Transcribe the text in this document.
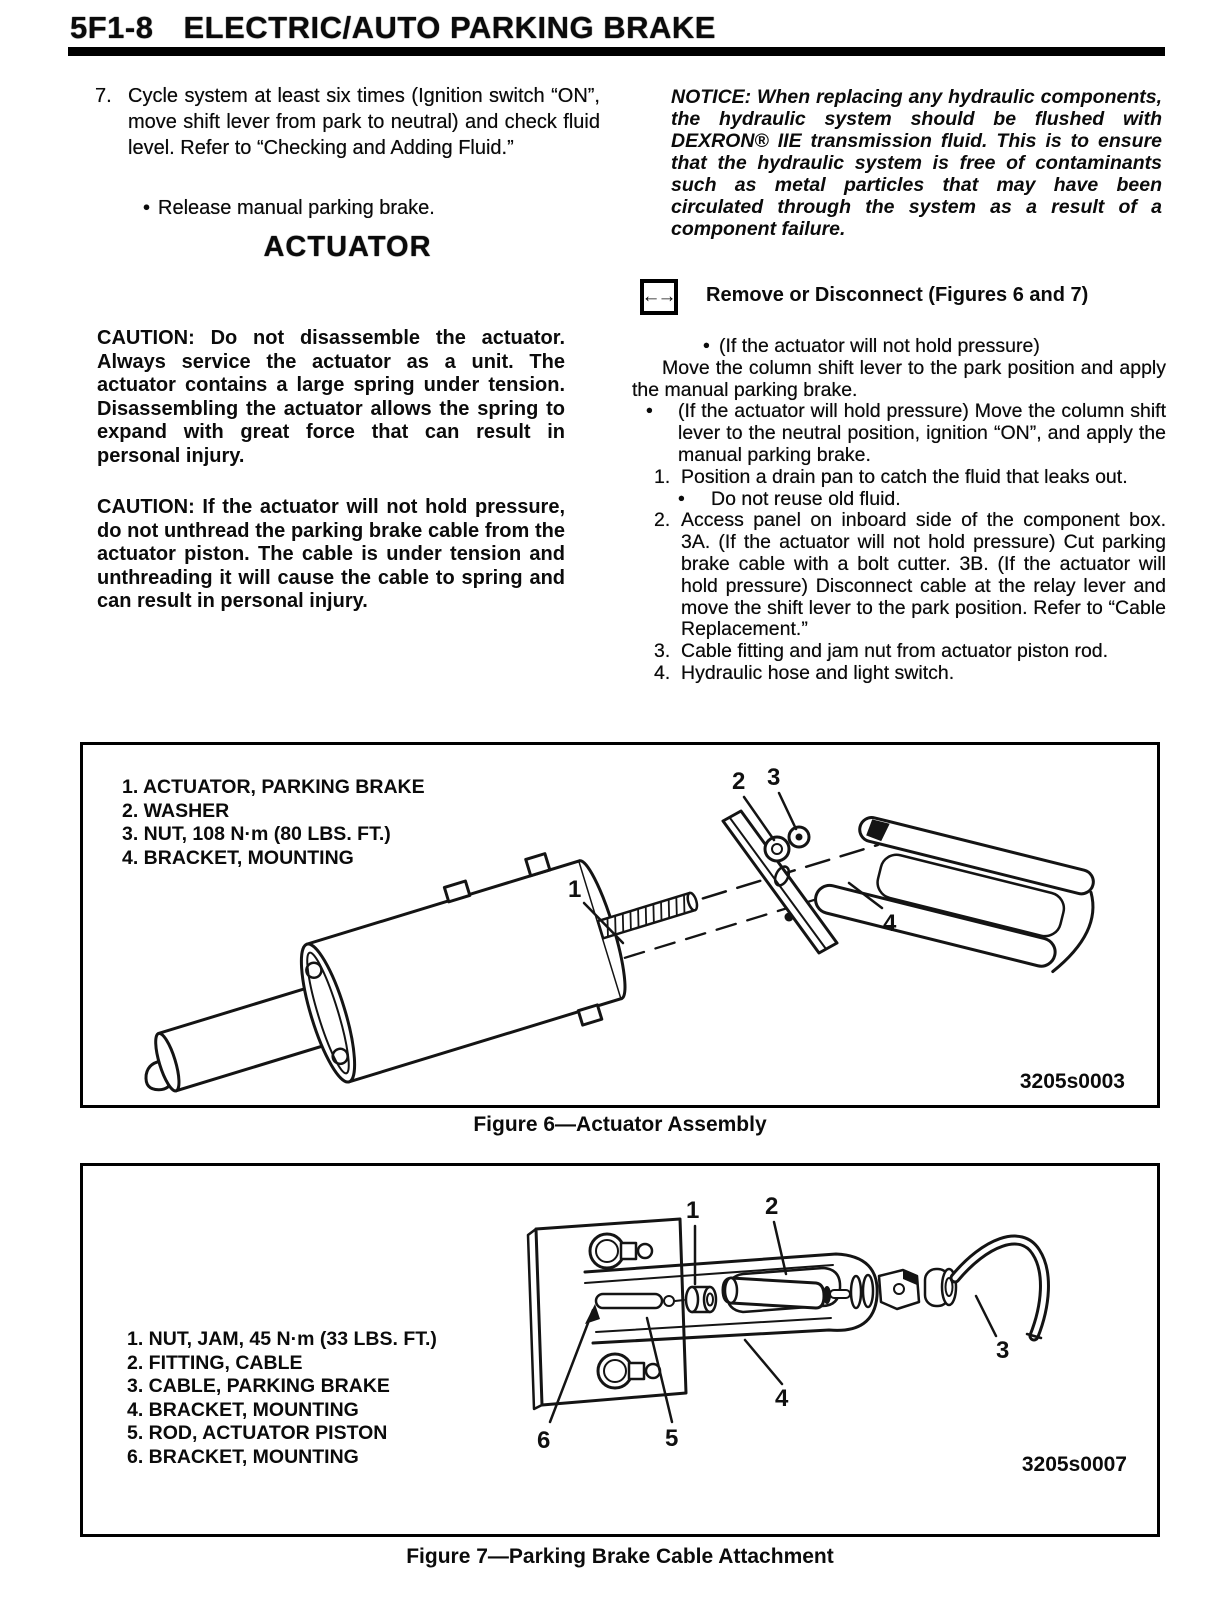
5F1-8 ELECTRIC/AUTO PARKING BRAKE
7. Cycle system at least six times (Ignition switch “ON”, move shift lever from park to neutral) and check fluid level. Refer to “Checking and Adding Fluid.”
• Release manual parking brake.
ACTUATOR
CAUTION: Do not disassemble the actuator. Always service the actuator as a unit. The actuator contains a large spring under tension. Disassembling the actuator allows the spring to expand with great force that can result in personal injury.
CAUTION: If the actuator will not hold pressure, do not unthread the parking brake cable from the actuator piston. The cable is under tension and unthreading it will cause the cable to spring and can result in personal injury.
NOTICE: When replacing any hydraulic components, the hydraulic system should be flushed with DEXRON® IIE transmission fluid. This is to ensure that the hydraulic system is free of contaminants such as metal particles that may have been circulated through the system as a result of a component failure.
←→ Remove or Disconnect (Figures 6 and 7)
• (If the actuator will not hold pressure)
Move the column shift lever to the park position and apply the manual parking brake.
• (If the actuator will hold pressure) Move the column shift lever to the neutral position, ignition “ON”, and apply the manual parking brake.
1. Position a drain pan to catch the fluid that leaks out.
• Do not reuse old fluid.
2. Access panel on inboard side of the component box. 3A. (If the actuator will not hold pressure) Cut parking brake cable with a bolt cutter. 3B. (If the actuator will hold pressure) Disconnect cable at the relay lever and move the shift lever to the park position. Refer to “Cable Replacement.”
3. Cable fitting and jam nut from actuator piston rod.
4. Hydraulic hose and light switch.
1
2 3
4
1. ACTUATOR, PARKING BRAKE
2. WASHER
3. NUT, 108 N·m (80 LBS. FT.)
4. BRACKET, MOUNTING
3205s0003
Figure 6—Actuator Assembly
1	2
3
4
5
6
1. NUT, JAM, 45 N·m (33 LBS. FT.)
2. FITTING, CABLE
3. CABLE, PARKING BRAKE
4. BRACKET, MOUNTING
5. ROD, ACTUATOR PISTON
6. BRACKET, MOUNTING	3205s0007
Figure 7—Parking Brake Cable Attachment
